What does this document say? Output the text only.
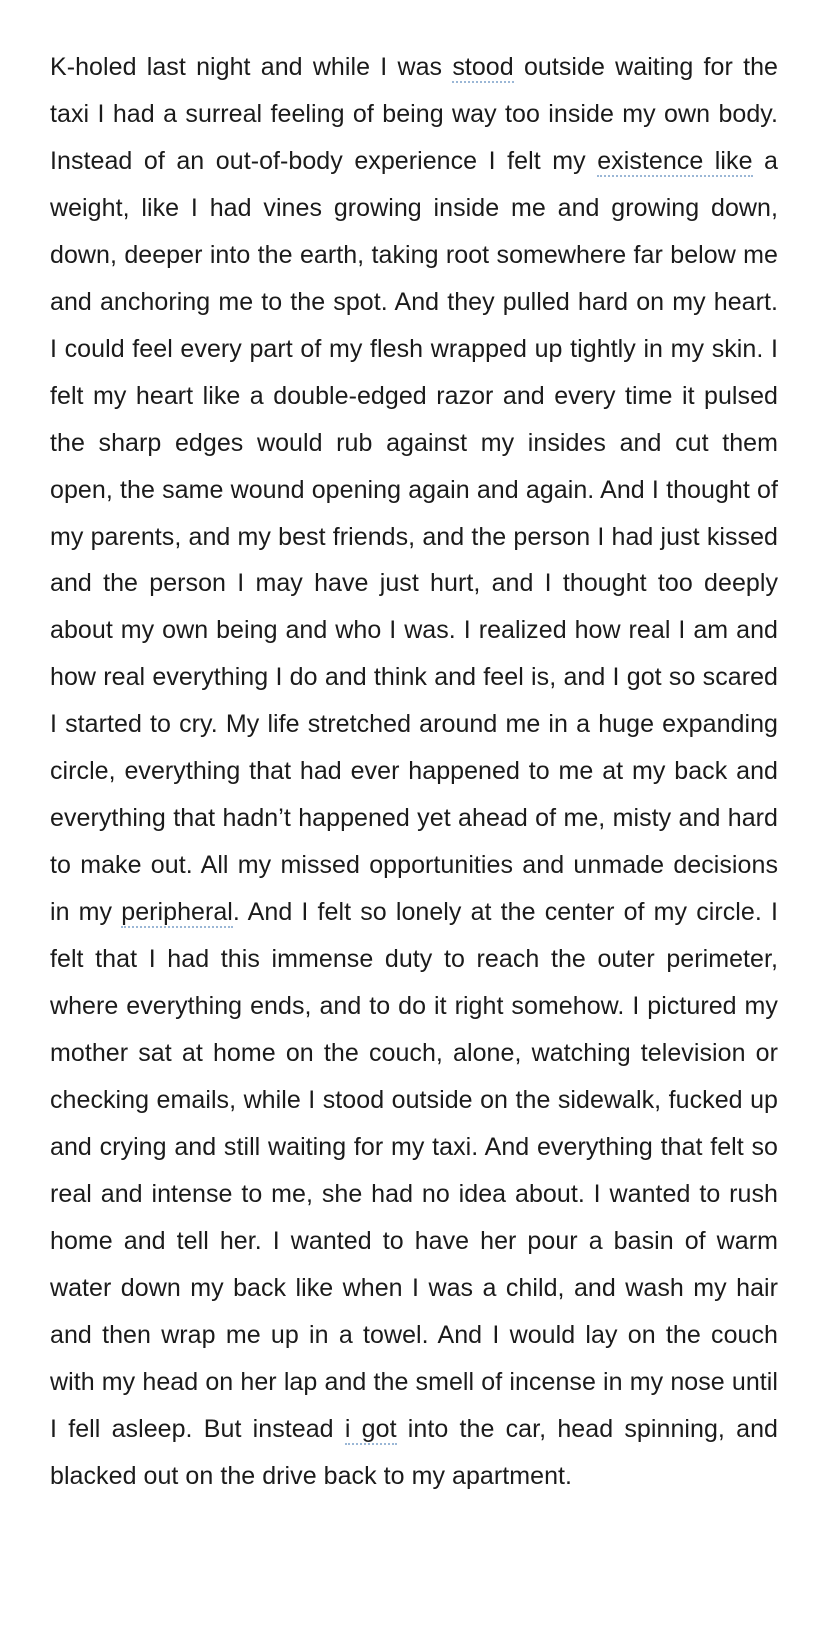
K-holed last night and while I was stood outside waiting for the taxi I had a surreal feeling of being way too inside my own body. Instead of an out-of-body experience I felt my existence like a weight, like I had vines growing inside me and growing down, down, deeper into the earth, taking root somewhere far below me and anchoring me to the spot. And they pulled hard on my heart. I could feel every part of my flesh wrapped up tightly in my skin. I felt my heart like a double-edged razor and every time it pulsed the sharp edges would rub against my insides and cut them open, the same wound opening again and again. And I thought of my parents, and my best friends, and the person I had just kissed and the person I may have just hurt, and I thought too deeply about my own being and who I was. I realized how real I am and how real everything I do and think and feel is, and I got so scared I started to cry. My life stretched around me in a huge expanding circle, everything that had ever happened to me at my back and everything that hadn’t happened yet ahead of me, misty and hard to make out. All my missed opportunities and unmade decisions in my peripheral. And I felt so lonely at the center of my circle. I felt that I had this immense duty to reach the outer perimeter, where everything ends, and to do it right somehow. I pictured my mother sat at home on the couch, alone, watching television or checking emails, while I stood outside on the sidewalk, fucked up and crying and still waiting for my taxi. And everything that felt so real and intense to me, she had no idea about. I wanted to rush home and tell her. I wanted to have her pour a basin of warm water down my back like when I was a child, and wash my hair and then wrap me up in a towel. And I would lay on the couch with my head on her lap and the smell of incense in my nose until I fell asleep. But instead i got into the car, head spinning, and blacked out on the drive back to my apartment.
